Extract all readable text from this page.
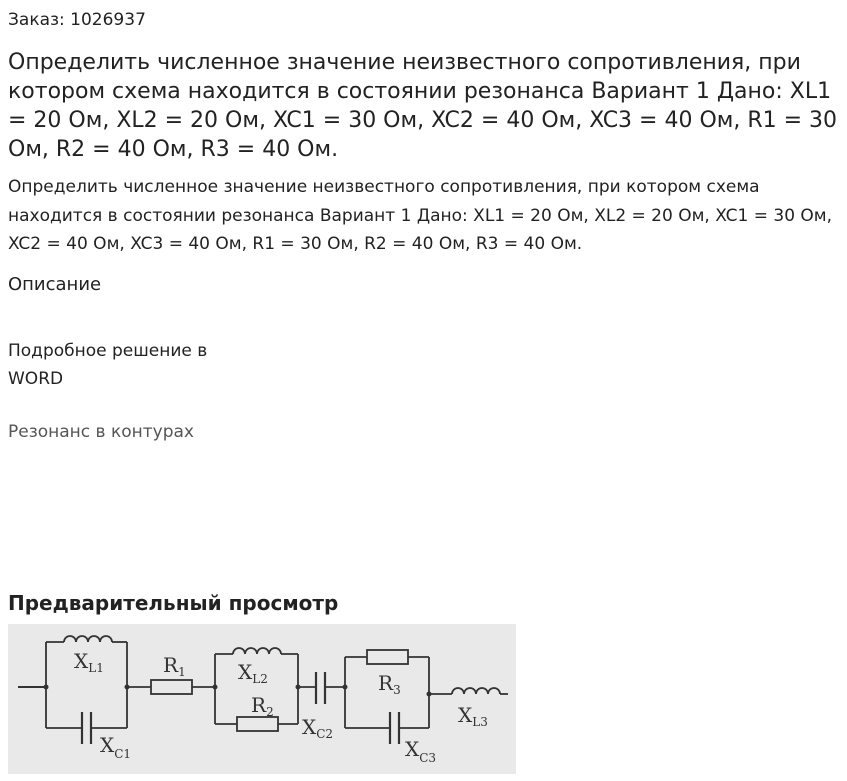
Заказ: 1026937
Определить численное значение неизвестного сопротивления, при котором схема находится в состоянии резонанса Вариант 1 Дано: XL1 = 20 Ом, XL2 = 20 Ом, XC1 = 30 Ом, XC2 = 40 Ом, XC3 = 40 Ом, R1 = 30 Ом, R2 = 40 Ом, R3 = 40 Ом.
Определить численное значение неизвестного сопротивления, при котором схема находится в состоянии резонанса Вариант 1 Дано: XL1 = 20 Ом, XL2 = 20 Ом, XC1 = 30 Ом, XC2 = 40 Ом, XC3 = 40 Ом, R1 = 30 Ом, R2 = 40 Ом, R3 = 40 Ом.
Описание
Подробное решение в WORD
Резонанс в контурах
Предварительный просмотр
$X_{L1}$
$X_{C1}$
$R_1$	$X_{L2}$
$R_2$
$X_{C2}$
$R_3$
$X_{C3}$
$X_{L3}$
